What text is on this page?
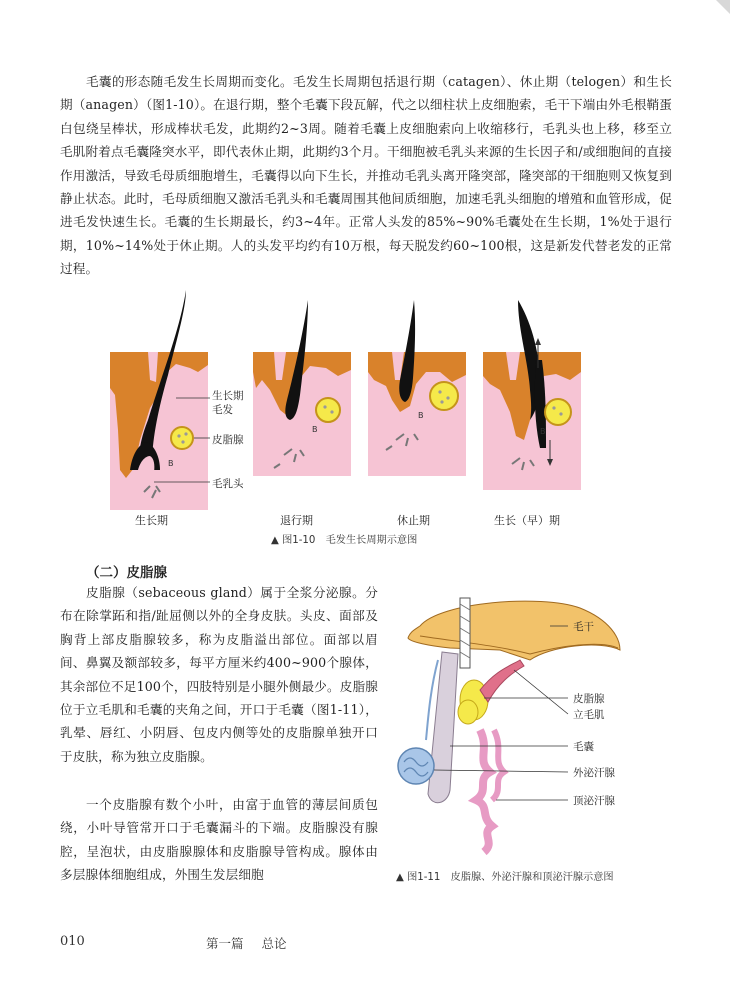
毛囊的形态随毛发生长周期而变化。毛发生长周期包括退行期（catagen）、休止期（telogen）和生长期（anagen）（图1-10）。在退行期，整个毛囊下段瓦解，代之以细柱状上皮细胞索，毛干下端由外毛根鞘蛋白包绕呈棒状，形成棒状毛发，此期约2~3周。随着毛囊上皮细胞索向上收缩移行，毛乳头也上移，移至立毛肌附着点毛囊隆突水平，即代表休止期，此期约3个月。干细胞被毛乳头来源的生长因子和/或细胞间的直接作用激活，导致毛母质细胞增生，毛囊得以向下生长，并推动毛乳头离开隆突部，隆突部的干细胞则又恢复到静止状态。此时，毛母质细胞又激活毛乳头和毛囊周围其他间质细胞，加速毛乳头细胞的增殖和血管形成，促进毛发快速生长。毛囊的生长期最长，约3~4年。正常人头发的85%~90%毛囊处在生长期，1%处于退行期，10%~14%处于休止期。人的头发平均约有10万根，每天脱发约60~100根，这是新发代替老发的正常过程。

B
B
B
B
生长期
毛发
皮脂腺
毛乳头
生长期	退行期	休止期	生长（早）期

▲ 图1-10　毛发生长周期示意图

（二）皮脂腺

皮脂腺（sebaceous gland）属于全浆分泌腺。分布在除掌跖和指/趾屈侧以外的全身皮肤。头皮、面部及胸背上部皮脂腺较多，称为皮脂溢出部位。面部以眉间、鼻翼及额部较多，每平方厘米约400~900个腺体，其余部位不足100个，四肢特别是小腿外侧最少。皮脂腺位于立毛肌和毛囊的夹角之间，开口于毛囊（图1-11），乳晕、唇红、小阴唇、包皮内侧等处的皮脂腺单独开口于皮肤，称为独立皮脂腺。

一个皮脂腺有数个小叶，由富于血管的薄层间质包绕，小叶导管常开口于毛囊漏斗的下端。皮脂腺没有腺腔，呈泡状，由皮脂腺腺体和皮脂腺导管构成。腺体由多层腺体细胞组成，外围生发层细胞

毛干
皮脂腺
立毛肌
毛囊
外泌汗腺
顶泌汗腺

▲ 图1-11　皮脂腺、外泌汗腺和顶泌汗腺示意图

010	第一篇 总论
